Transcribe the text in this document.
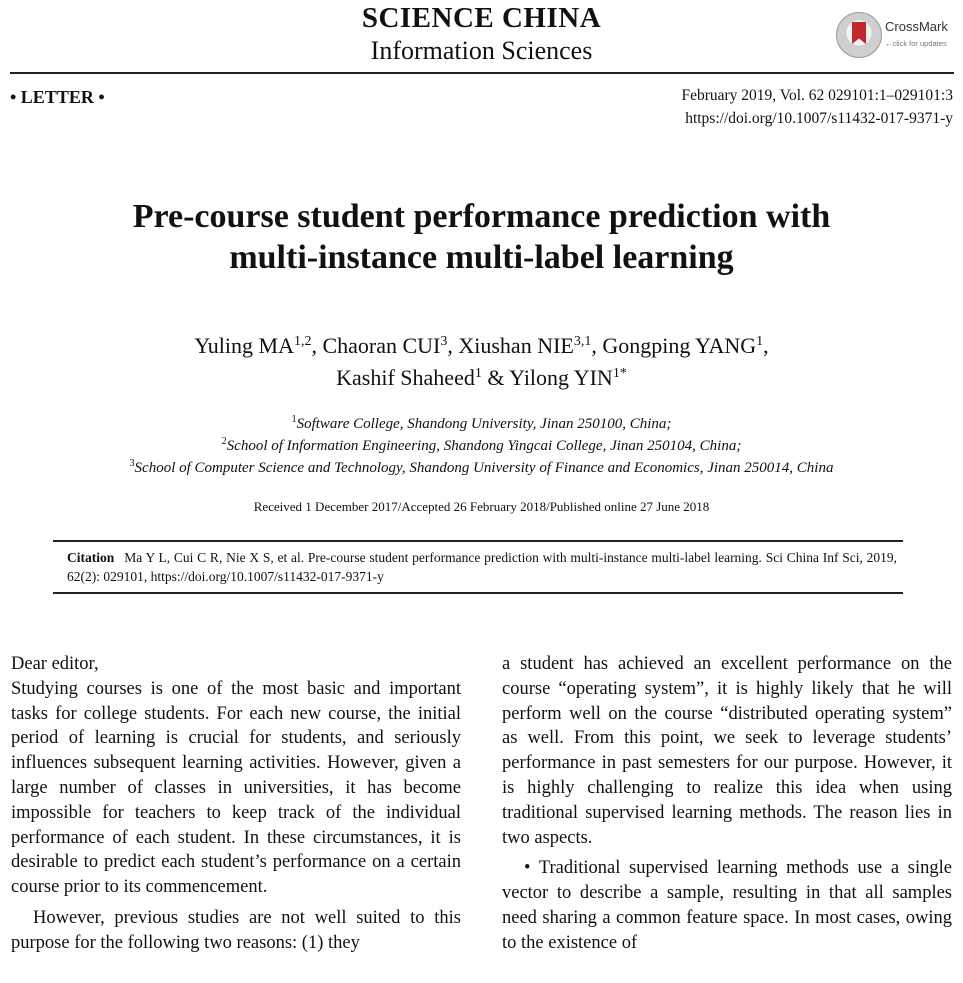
SCIENCE CHINA
Information Sciences
CrossMark
←click for updates
• LETTER •	February 2019, Vol. 62 029101:1–029101:3
https://doi.org/10.1007/s11432-017-9371-y
Pre-course student performance prediction with
multi-instance multi-label learning
Yuling MA$^{1,2}$, Chaoran CUI$^3$, Xiushan NIE$^{3,1}$, Gongping YANG$^1$,
Kashif Shaheed$^1$ & Yilong $YIN^{1*}$
$^1$Software College, Shandong University, Jinan 250100, China;
$^2$School of Information Engineering, Shandong Yingcai College, Jinan 250104, China;
$^3$School of Computer Science and Technology, Shandong University of Finance and Economics, Jinan 250014, China
Received 1 December 2017/Accepted 26 February 2018/Published online 27 June 2018
Citation Ma Y L, Cui C R, Nie X S, et al. Pre-course student performance prediction with multi-instance multi-label learning. Sci China Inf Sci, 2019, 62(2): 029101, https://doi.org/10.1007/s11432-017-9371-y

Dear editor,

Studying courses is one of the most basic and important tasks for college students. For each new course, the initial period of learning is crucial for students, and seriously influences subsequent learning activities. However, given a large number of classes in universities, it has become impossible for teachers to keep track of the individual performance of each student. In these circumstances, it is desirable to predict each student’s performance on a certain course prior to its commencement.

However, previous studies are not well suited to this purpose for the following two reasons: (1) they

a student has achieved an excellent performance on the course “operating system”, it is highly likely that he will perform well on the course “distributed operating system” as well. From this point, we seek to leverage students’ performance in past semesters for our purpose. However, it is highly challenging to realize this idea when using traditional supervised learning methods. The reason lies in two aspects.

• Traditional supervised learning methods use a single vector to describe a sample, resulting in that all samples need sharing a common feature space. In most cases, owing to the existence of
